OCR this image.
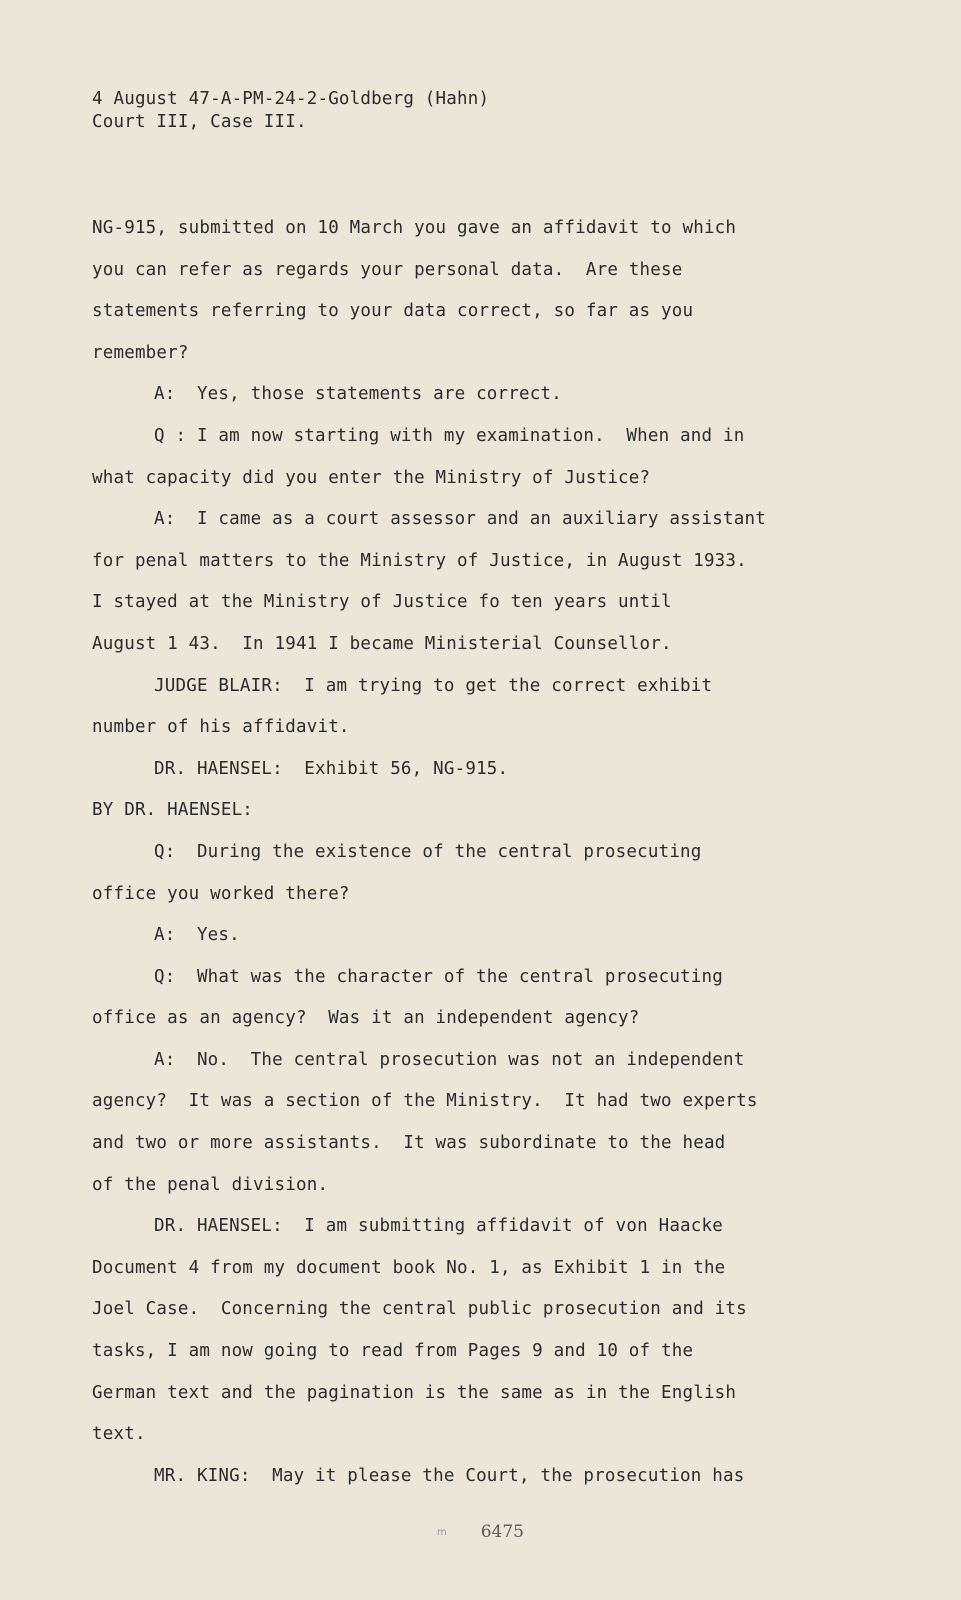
4 August 47-A-PM-24-2-Goldberg (Hahn)
Court III, Case III.
NG-915, submitted on 10 March you gave an affidavit to which
you can refer as regards your personal data.  Are these
statements referring to your data correct, so far as you
remember?
A:  Yes, those statements are correct.
Q : I am now starting with my examination.  When and in
what capacity did you enter the Ministry of Justice?
A:  I came as a court assessor and an auxiliary assistant
for penal matters to the Ministry of Justice, in August 1933.
I stayed at the Ministry of Justice fo ten years until
August 1 43.  In 1941 I became Ministerial Counsellor.
JUDGE BLAIR:  I am trying to get the correct exhibit
number of his affidavit.
DR. HAENSEL:  Exhibit 56, NG-915.
BY DR. HAENSEL:
Q:  During the existence of the central prosecuting
office you worked there?
A:  Yes.
Q:  What was the character of the central prosecuting
office as an agency?  Was it an independent agency?
A:  No.  The central prosecution was not an independent
agency?  It was a section of the Ministry.  It had two experts
and two or more assistants.  It was subordinate to the head
of the penal division.
DR. HAENSEL:  I am submitting affidavit of von Haacke
Document 4 from my document book No. 1, as Exhibit 1 in the
Joel Case.  Concerning the central public prosecution and its
tasks, I am now going to read from Pages 9 and 10 of the
German text and the pagination is the same as in the English
text.
MR. KING:  May it please the Court, the prosecution has
m 6475
